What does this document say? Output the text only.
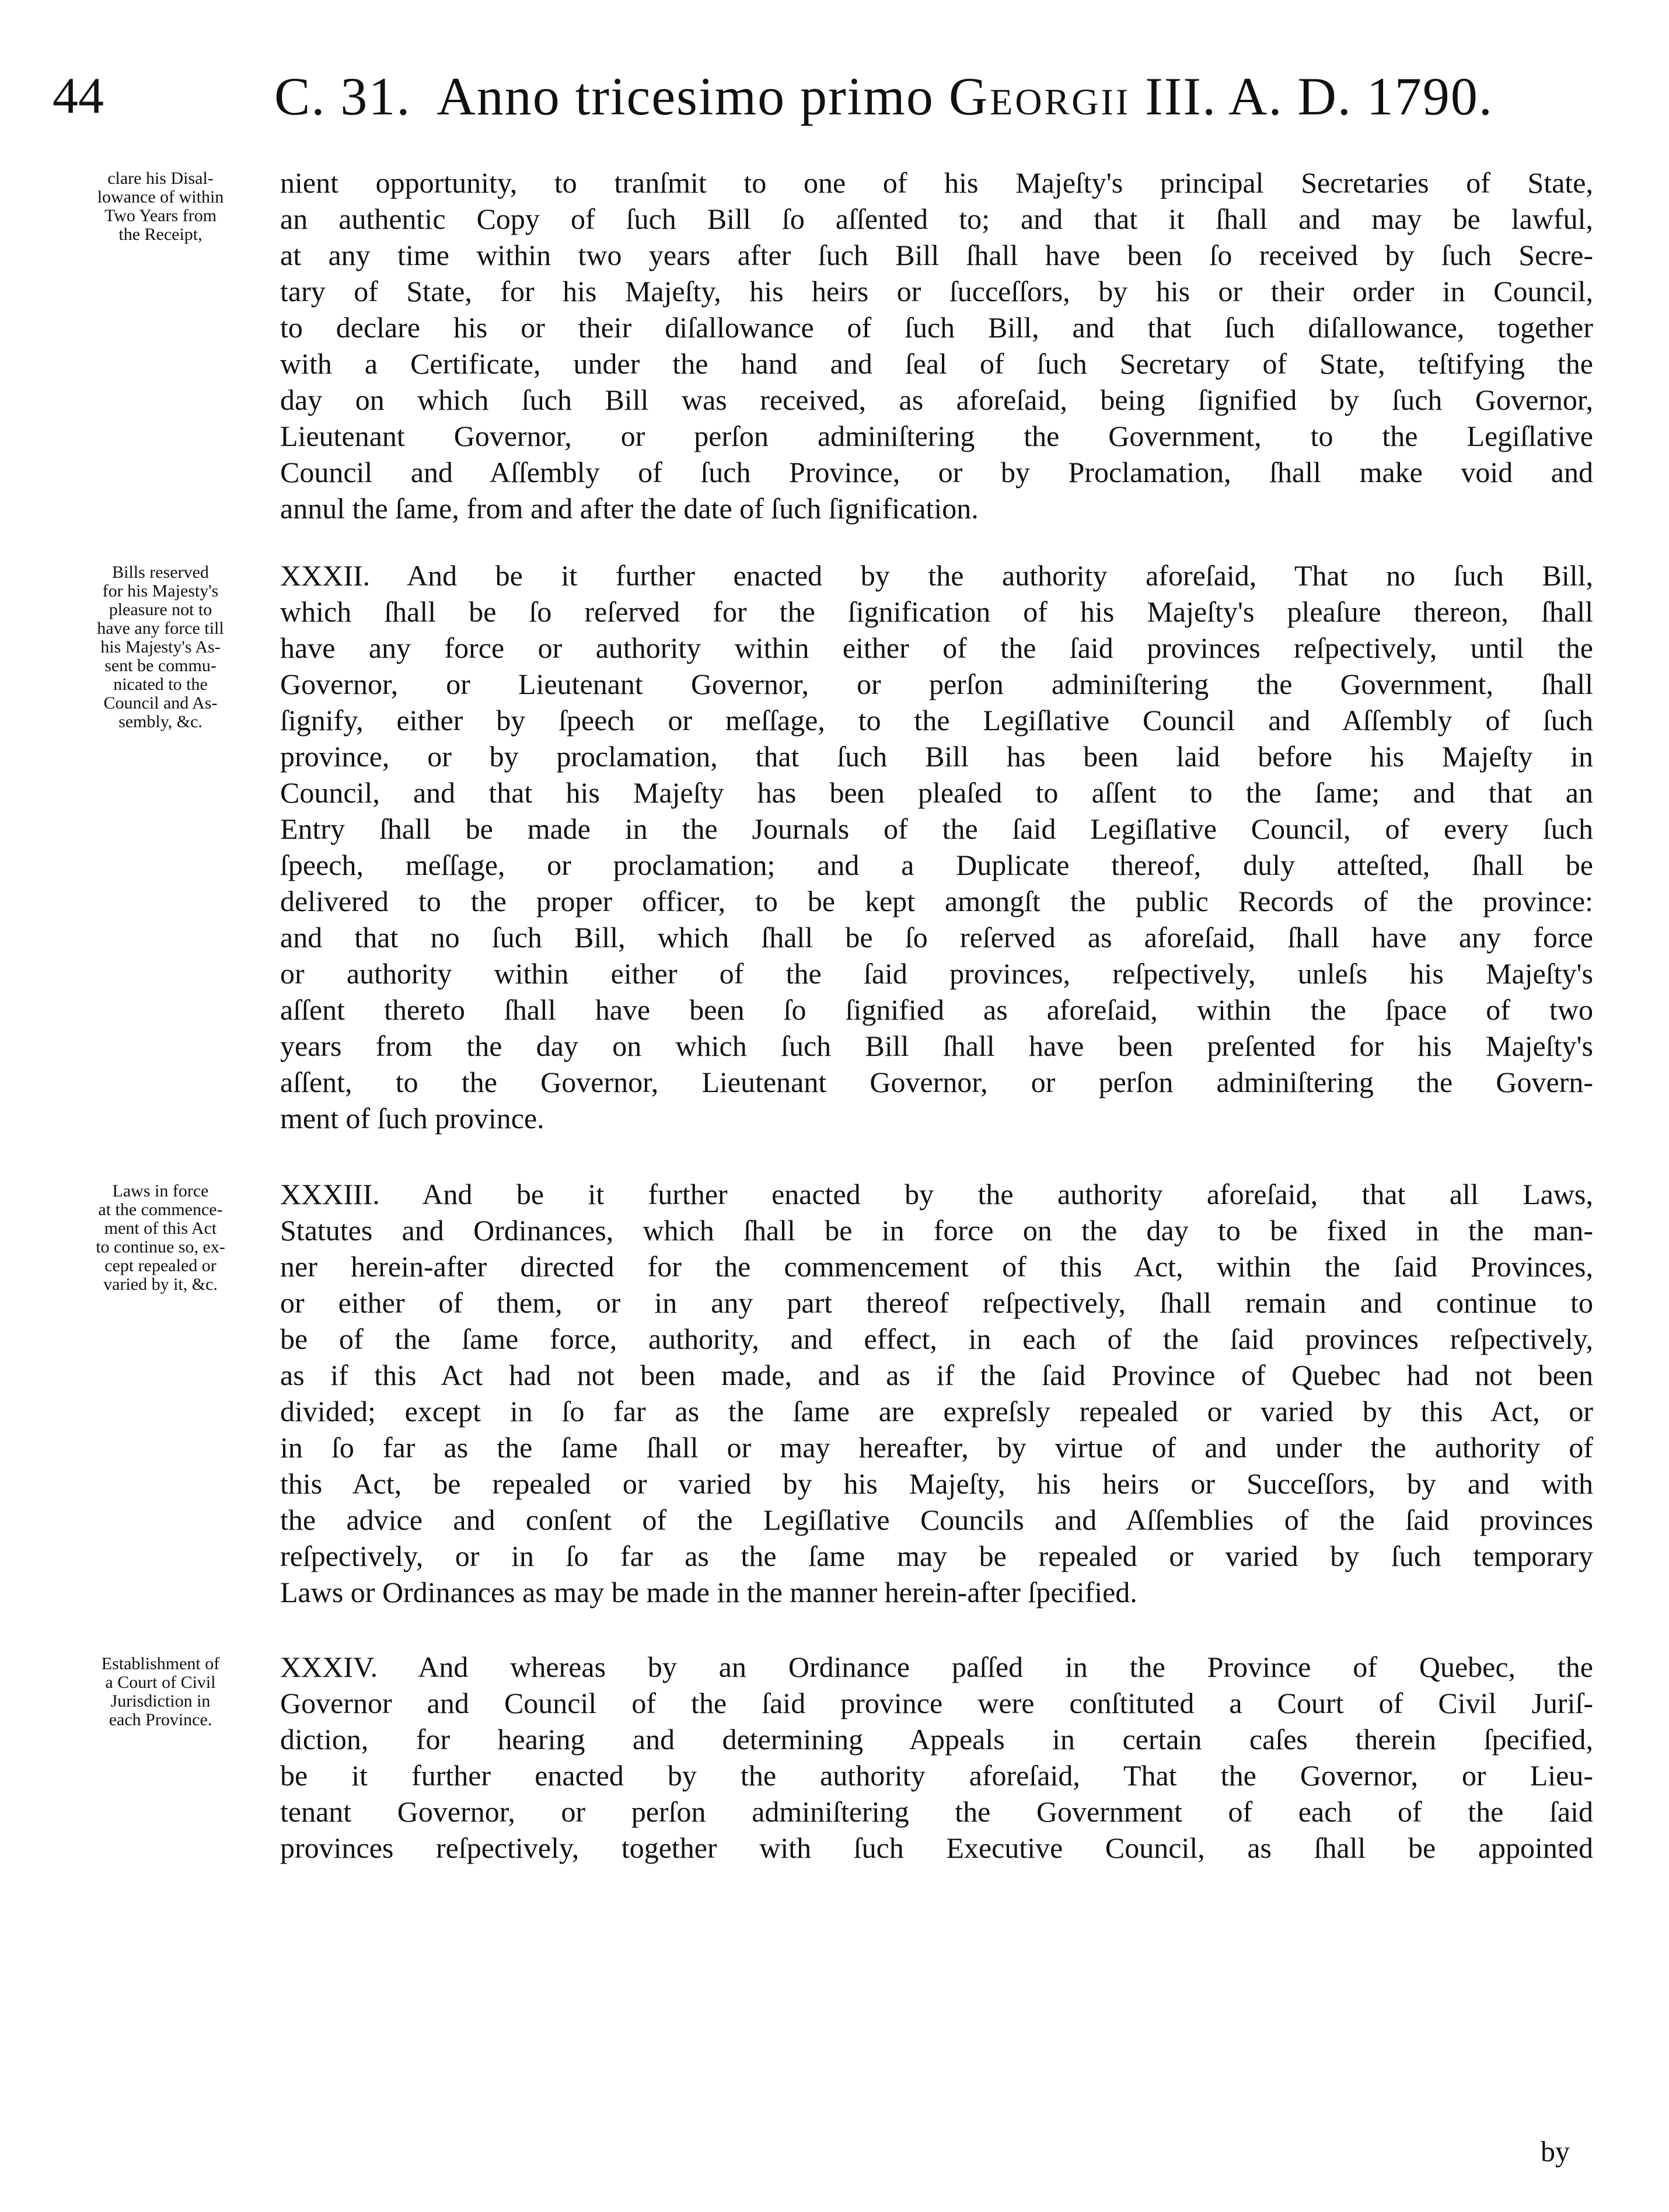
44	C. 31. Anno tricesimo primo Georgii III. A. D. 1790.
clare his Disal-
lowance of within
Two Years from
the Receipt,
Bills reserved
for his Majesty's
pleasure not to
have any force till
his Majesty's As-
sent be commu-
nicated to the
Council and As-
sembly, &c.
Laws in force
at the commence-
ment of this Act
to continue so, ex-
cept repealed or
varied by it, &c.
Establishment of
a Court of Civil
Jurisdiction in
each Province.
nient opportunity, to tranſmit to one of his Majeſty's principal Secretaries of State,
an authentic Copy of ſuch Bill ſo aſſented to; and that it ſhall and may be lawful,
at any time within two years after ſuch Bill ſhall have been ſo received by ſuch Secre-
tary of State, for his Majeſty, his heirs or ſucceſſors, by his or their order in Council,
to declare his or their diſallowance of ſuch Bill, and that ſuch diſallowance, together
with a Certificate, under the hand and ſeal of ſuch Secretary of State, teſtifying the
day on which ſuch Bill was received, as aforeſaid, being ſignified by ſuch Governor,
Lieutenant Governor, or perſon adminiſtering the Government, to the Legiſlative
Council and Aſſembly of ſuch Province, or by Proclamation, ſhall make void and
annul the ſame, from and after the date of ſuch ſignification.
XXXII. And be it further enacted by the authority aforeſaid, That no ſuch Bill,
which ſhall be ſo reſerved for the ſignification of his Majeſty's pleaſure thereon, ſhall
have any force or authority within either of the ſaid provinces reſpectively, until the
Governor, or Lieutenant Governor, or perſon adminiſtering the Government, ſhall
ſignify, either by ſpeech or meſſage, to the Legiſlative Council and Aſſembly of ſuch
province, or by proclamation, that ſuch Bill has been laid before his Majeſty in
Council, and that his Majeſty has been pleaſed to aſſent to the ſame; and that an
Entry ſhall be made in the Journals of the ſaid Legiſlative Council, of every ſuch
ſpeech, meſſage, or proclamation; and a Duplicate thereof, duly atteſted, ſhall be
delivered to the proper officer, to be kept amongſt the public Records of the province:
and that no ſuch Bill, which ſhall be ſo reſerved as aforeſaid, ſhall have any force
or authority within either of the ſaid provinces, reſpectively, unleſs his Majeſty's
aſſent thereto ſhall have been ſo ſignified as aforeſaid, within the ſpace of two
years from the day on which ſuch Bill ſhall have been preſented for his Majeſty's
aſſent, to the Governor, Lieutenant Governor, or perſon adminiſtering the Govern-
ment of ſuch province.
XXXIII. And be it further enacted by the authority aforeſaid, that all Laws,
Statutes and Ordinances, which ſhall be in force on the day to be fixed in the man-
ner herein-after directed for the commencement of this Act, within the ſaid Provinces,
or either of them, or in any part thereof reſpectively, ſhall remain and continue to
be of the ſame force, authority, and effect, in each of the ſaid provinces reſpectively,
as if this Act had not been made, and as if the ſaid Province of Quebec had not been
divided; except in ſo far as the ſame are expreſsly repealed or varied by this Act, or
in ſo far as the ſame ſhall or may hereafter, by virtue of and under the authority of
this Act, be repealed or varied by his Majeſty, his heirs or Succeſſors, by and with
the advice and conſent of the Legiſlative Councils and Aſſemblies of the ſaid provinces
reſpectively, or in ſo far as the ſame may be repealed or varied by ſuch temporary
Laws or Ordinances as may be made in the manner herein-after ſpecified.
XXXIV. And whereas by an Ordinance paſſed in the Province of Quebec, the
Governor and Council of the ſaid province were conſtituted a Court of Civil Juriſ-
diction, for hearing and determining Appeals in certain caſes therein ſpecified,
be it further enacted by the authority aforeſaid, That the Governor, or Lieu-
tenant Governor, or perſon adminiſtering the Government of each of the ſaid
provinces reſpectively, together with ſuch Executive Council, as ſhall be appointed
by
